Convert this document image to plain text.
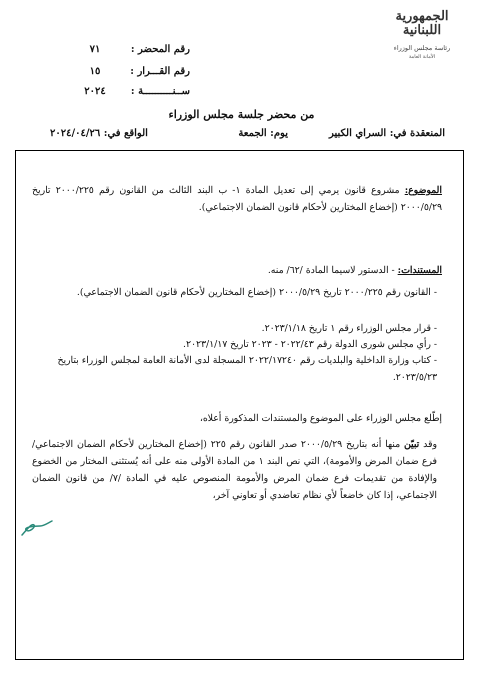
الجمهورية
اللبنانية
رئاسة مجلس الوزراء
الأمانة العامة
رقم المحضر :٧١
رقم القـــرار :١٥
ســنــــــــــة :٢٠٢٤
من محضر جلسة مجلس الوزراء
المنعقدة في: السراي الكبير
يوم: الجمعة
الواقع في: ٢٠٢٤/٠٤/٢٦
الموضوع: مشروع قانون يرمي إلى تعديل المادة ١- ب البند الثالث من القانون رقم ٢٠٠٠/٢٢٥ تاريخ ٢٠٠٠/٥/٢٩ (إخضاع المختارين لأحكام قانون الضمان الاجتماعي).
المستندات: - الدستور لاسيما المادة /٦٢/ منه.
- القانون رقم ٢٠٠٠/٢٢٥ تاريخ ٢٠٠٠/٥/٢٩ (إخضاع المختارين لأحكام قانون الضمان الاجتماعي).
- قرار مجلس الوزراء رقم ١ تاريخ ٢٠٢٣/١/١٨.
- رأي مجلس شورى الدولة رقم ٢٠٢٢/٤٣ - ٢٠٢٣ تاريخ ٢٠٢٣/١/١٧.
- كتاب وزارة الداخلية والبلديات رقم ٢٠٢٢/١٧٢٤٠ المسجلة لدى الأمانة العامة لمجلس الوزراء بتاريخ ٢٠٢٣/٥/٢٣.
إطّلع مجلس الوزراء على الموضوع والمستندات المذكورة أعلاه،
وقد تبيّن منها أنه بتاريخ ٢٠٠٠/٥/٢٩ صدر القانون رقم ٢٢٥ (إخضاع المختارين لأحكام الضمان الاجتماعي/ فرع ضمان المرض والأمومة)، التي نص البند ١ من المادة الأولى منه على أنه يُستثنى المختار من الخضوع والإفادة من تقديمات فرع ضمان المرض والأمومة المنصوص عليه في المادة /٧/ من قانون الضمان الاجتماعي، إذا كان خاضعاً لأي نظام تعاضدي أو تعاوني آخر،
